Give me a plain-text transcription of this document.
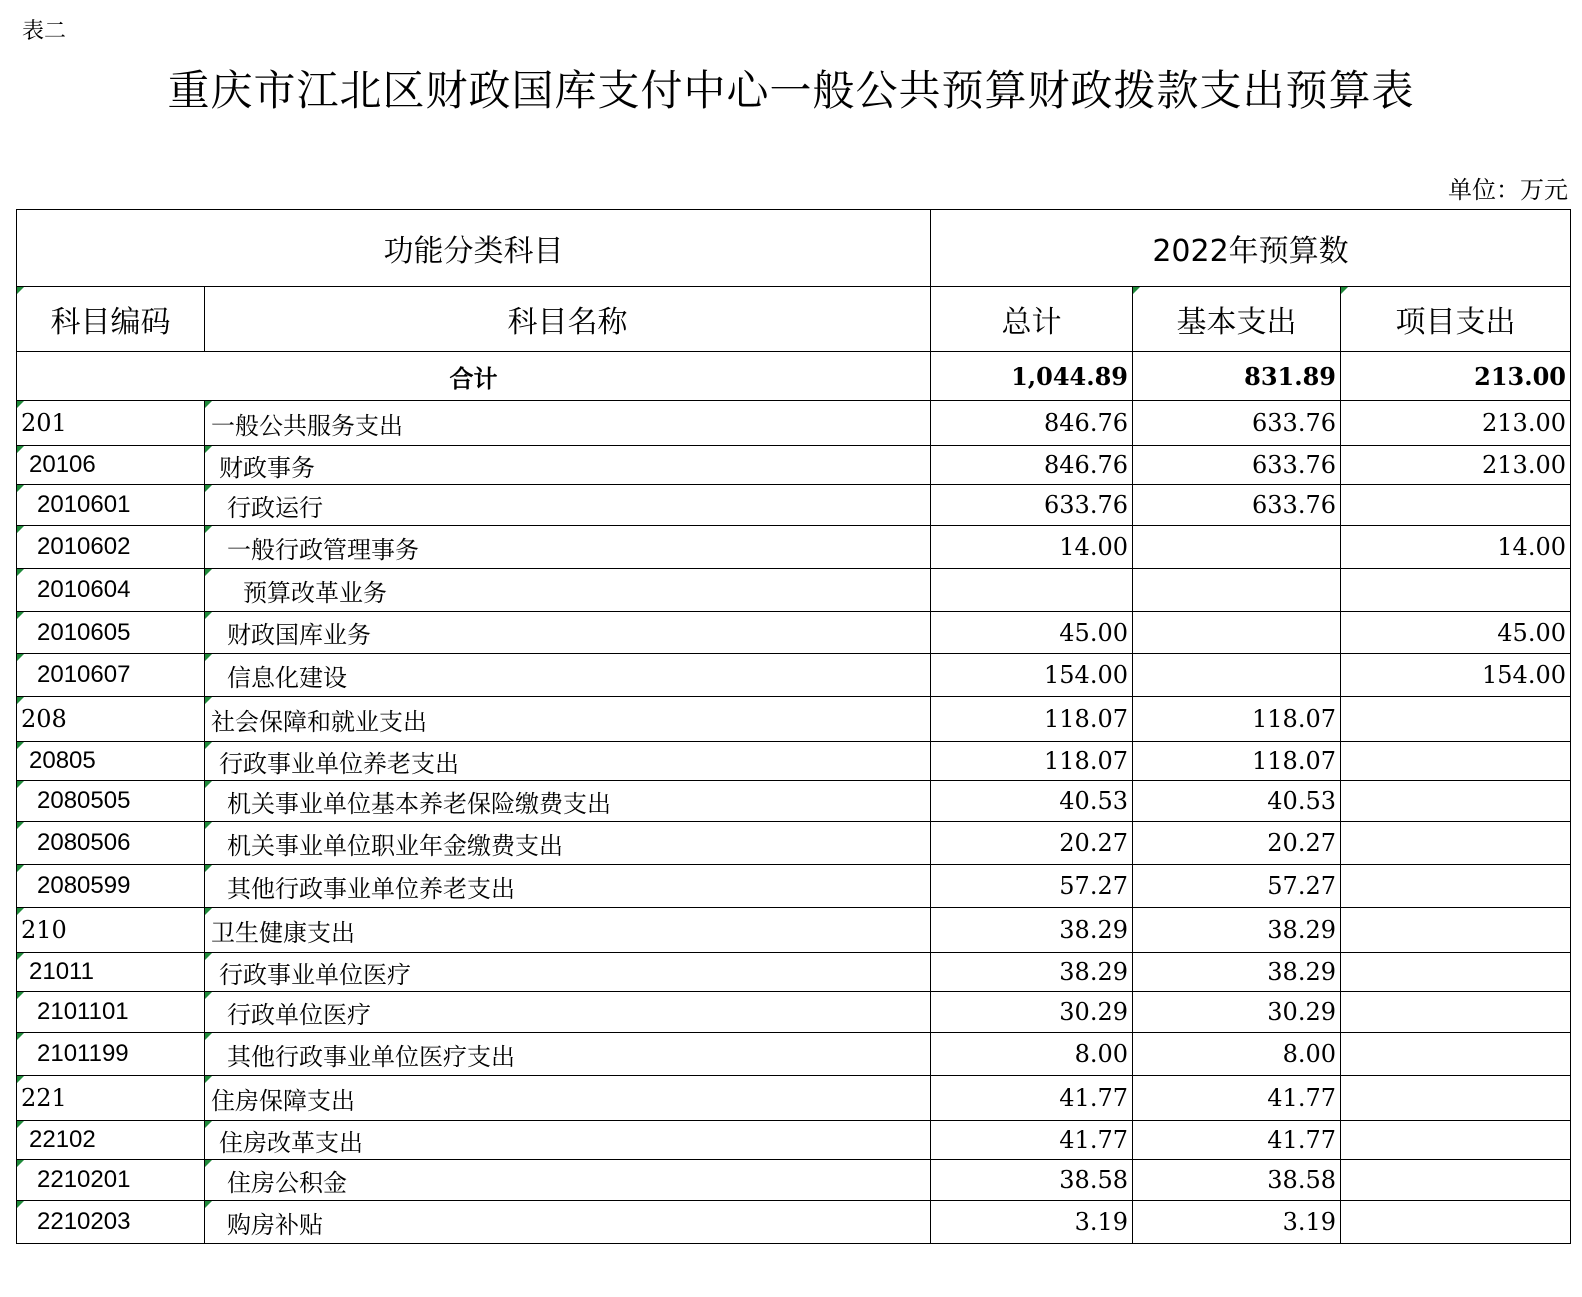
表二
重庆市江北区财政国库支付中心一般公共预算财政拨款支出预算表
单位：万元
功能分类科目		2022年预算数		
科目编码	科目名称	总计	基本支出	项目支出
合计		1,044.89	831.89	213.00
201	一般公共服务支出	846.76	633.76	213.00
20106	财政事务	846.76	633.76	213.00
2010601	行政运行	633.76	633.76	
2010602	一般行政管理事务	14.00		14.00
2010604	预算改革业务			
2010605	财政国库业务	45.00		45.00
2010607	信息化建设	154.00		154.00
208	社会保障和就业支出	118.07	118.07	
20805	行政事业单位养老支出	118.07	118.07	
2080505	机关事业单位基本养老保险缴费支出	40.53	40.53	
2080506	机关事业单位职业年金缴费支出	20.27	20.27	
2080599	其他行政事业单位养老支出	57.27	57.27	
210	卫生健康支出	38.29	38.29	
21011	行政事业单位医疗	38.29	38.29	
2101101	行政单位医疗	30.29	30.29	
2101199	其他行政事业单位医疗支出	8.00	8.00	
221	住房保障支出	41.77	41.77	
22102	住房改革支出	41.77	41.77	
2210201	住房公积金	38.58	38.58	
2210203	购房补贴	3.19	3.19	
